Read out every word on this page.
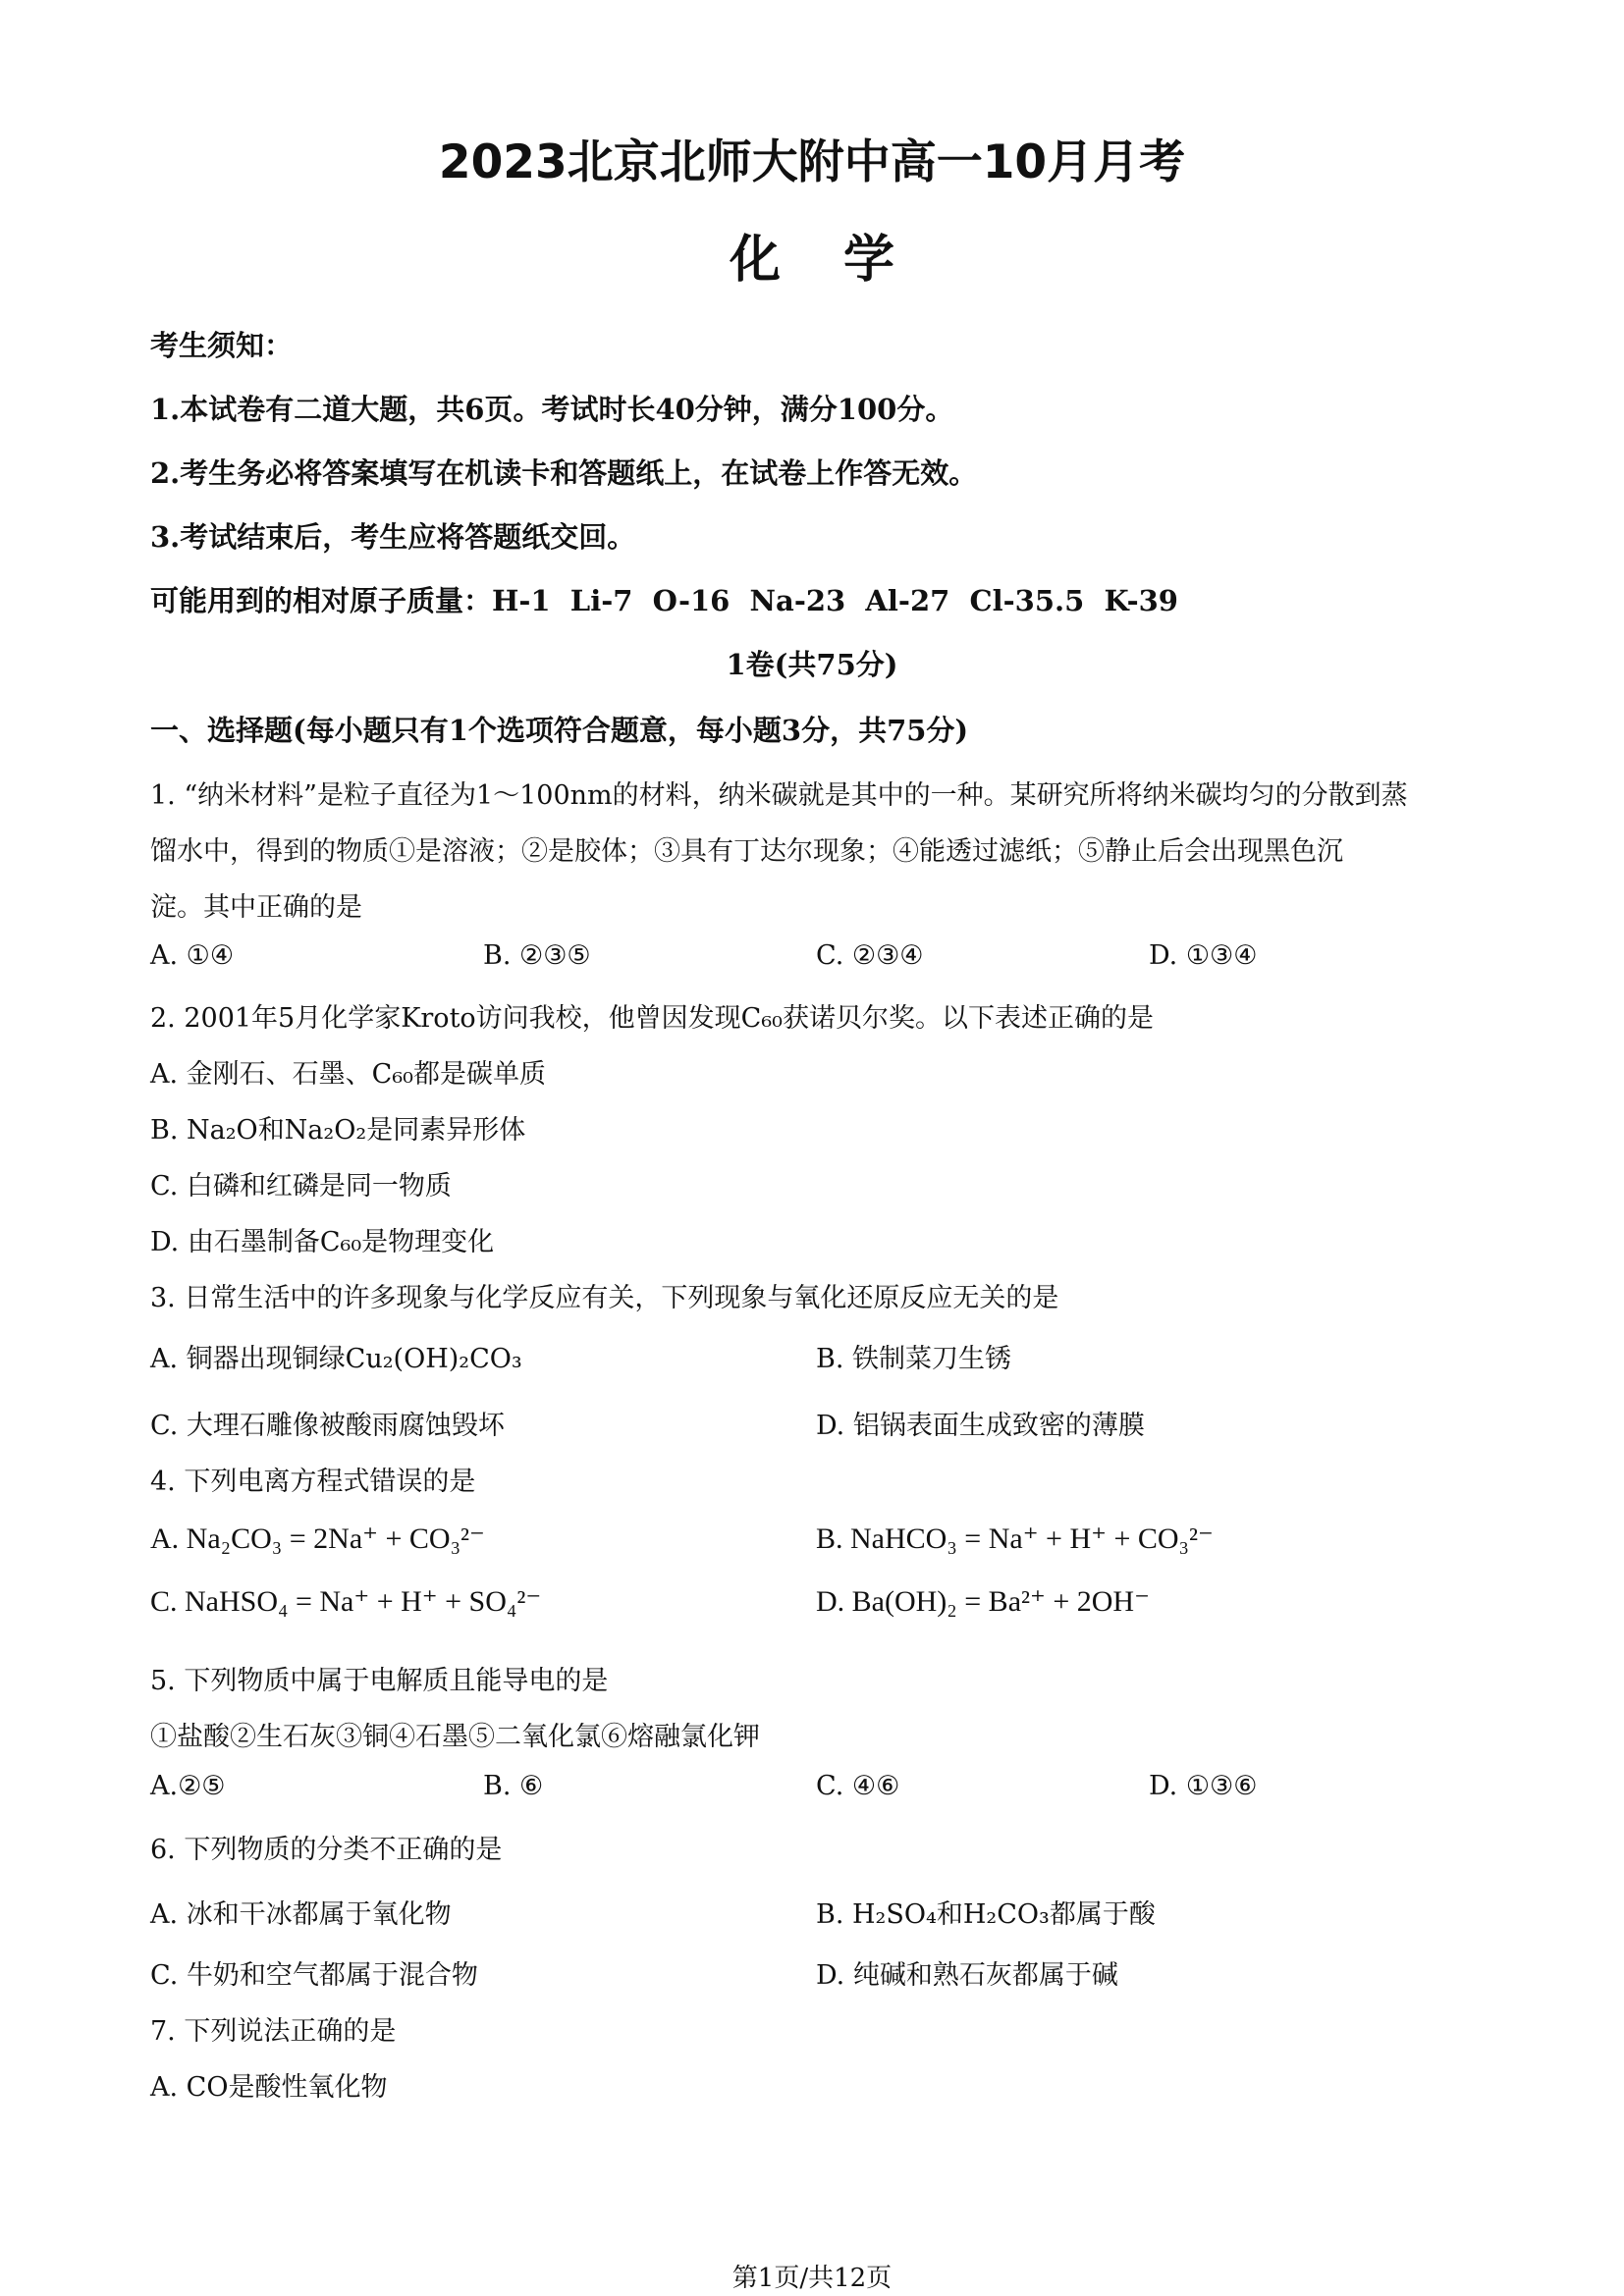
2023北京北师大附中高一10月月考
化学
考生须知：
1.本试卷有二道大题，共6页。考试时长40分钟，满分100分。
2.考生务必将答案填写在机读卡和答题纸上，在试卷上作答无效。
3.考试结束后，考生应将答题纸交回。
可能用到的相对原子质量：H-1  Li-7  O-16  Na-23  Al-27  Cl-35.5  K-39
1卷(共75分)
一、选择题(每小题只有1个选项符合题意，每小题3分，共75分)
1. “纳米材料”是粒子直径为1～100nm的材料，纳米碳就是其中的一种。某研究所将纳米碳均匀的分散到蒸
馏水中，得到的物质①是溶液；②是胶体；③具有丁达尔现象；④能透过滤纸；⑤静止后会出现黑色沉
淀。其中正确的是
A. ①④	B. ②③⑤	C. ②③④	D. ①③④
2. 2001年5月化学家Kroto访问我校，他曾因发现C₆₀获诺贝尔奖。以下表述正确的是
A. 金刚石、石墨、C₆₀都是碳单质
B. Na₂O和Na₂O₂是同素异形体
C. 白磷和红磷是同一物质
D. 由石墨制备C₆₀是物理变化
3. 日常生活中的许多现象与化学反应有关，下列现象与氧化还原反应无关的是
A. 铜器出现铜绿Cu₂(OH)₂CO₃	B. 铁制菜刀生锈
C. 大理石雕像被酸雨腐蚀毁坏	D. 铝锅表面生成致密的薄膜
4. 下列电离方程式错误的是
A. Na₂CO₃ = 2Na⁺ + CO₃²⁻	B. NaHCO₃ = Na⁺ + H⁺ + CO₃²⁻
C. NaHSO₄ = Na⁺ + H⁺ + SO₄²⁻	D. Ba(OH)₂ = Ba²⁺ + 2OH⁻
5. 下列物质中属于电解质且能导电的是
①盐酸②生石灰③铜④石墨⑤二氧化氯⑥熔融氯化钾
A.②⑤	B. ⑥	C. ④⑥	D. ①③⑥
6. 下列物质的分类不正确的是
A. 冰和干冰都属于氧化物	B. H₂SO₄和H₂CO₃都属于酸
C. 牛奶和空气都属于混合物	D. 纯碱和熟石灰都属于碱
7. 下列说法正确的是
A. CO是酸性氧化物
第1页/共12页
